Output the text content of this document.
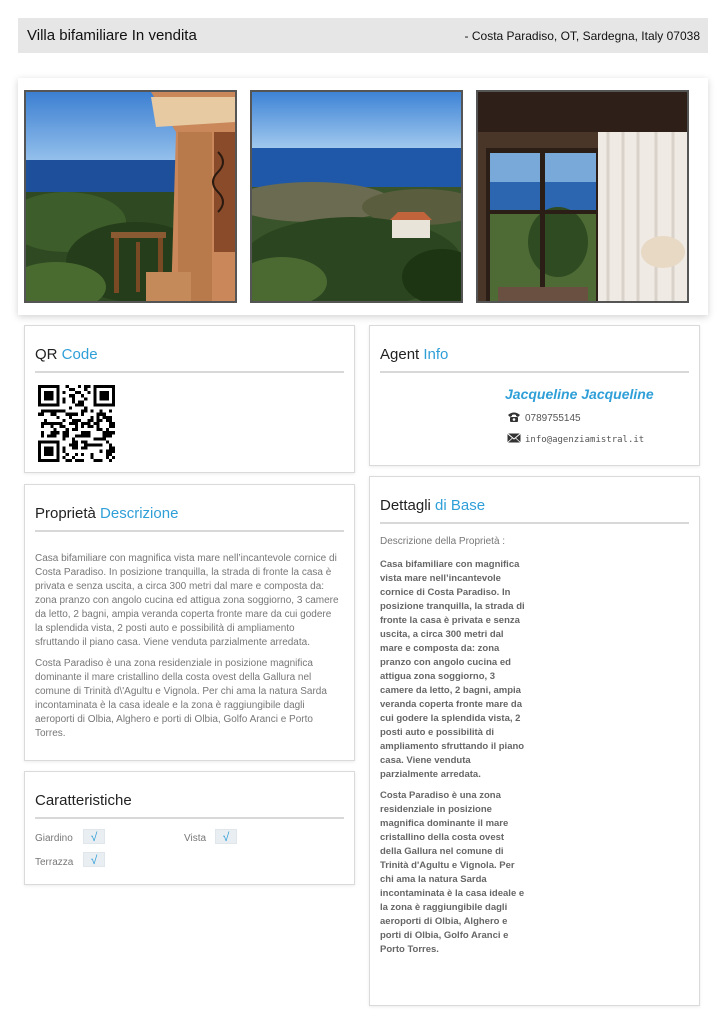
Villa bifamiliare In vendita	- Costa Paradiso, OT, Sardegna, Italy 07038
QR Code	Agent Info
Jacqueline Jacqueline
0789755145
info@agenziamistral.it
Proprietà Descrizione

Casa bifamiliare con magnifica vista mare nell’incantevole cornice di Costa Paradiso. In posizione tranquilla, la strada di fronte la casa è privata e senza uscita, a circa 300 metri dal mare e composta da: zona pranzo con angolo cucina ed attigua zona soggiorno, 3 camere da letto, 2 bagni, ampia veranda coperta fronte mare da cui godere la splendida vista, 2 posti auto e possibilità di ampliamento sfruttando il piano casa. Viene venduta parzialmente arredata.

Costa Paradiso è una zona residenziale in posizione magnifica dominante il mare cristallino della costa ovest della Gallura nel comune di Trinità d\'Agultu e Vignola. Per chi ama la natura Sarda incontaminata è la casa ideale e la zona è raggiungibile dagli aeroporti di Olbia, Alghero e porti di Olbia, Golfo Aranci e Porto Torres.

Caratteristiche
Giardino	√	Vista	√
Terrazza	√
Dettagli di Base
Descrizione della Proprietà :

Casa bifamiliare con magnifica vista mare nell’incantevole cornice di Costa Paradiso. In posizione tranquilla, la strada di fronte la casa è privata e senza uscita, a circa 300 metri dal mare e composta da: zona pranzo con angolo cucina ed attigua zona soggiorno, 3 camere da letto, 2 bagni, ampia veranda coperta fronte mare da cui godere la splendida vista, 2 posti auto e possibilità di ampliamento sfruttando il piano casa. Viene venduta parzialmente arredata.

Costa Paradiso è una zona residenziale in posizione magnifica dominante il mare cristallino della costa ovest della Gallura nel comune di Trinità d'Agultu e Vignola. Per chi ama la natura Sarda incontaminata è la casa ideale e la zona è raggiungibile dagli aeroporti di Olbia, Alghero e porti di Olbia, Golfo Aranci e Porto Torres.
